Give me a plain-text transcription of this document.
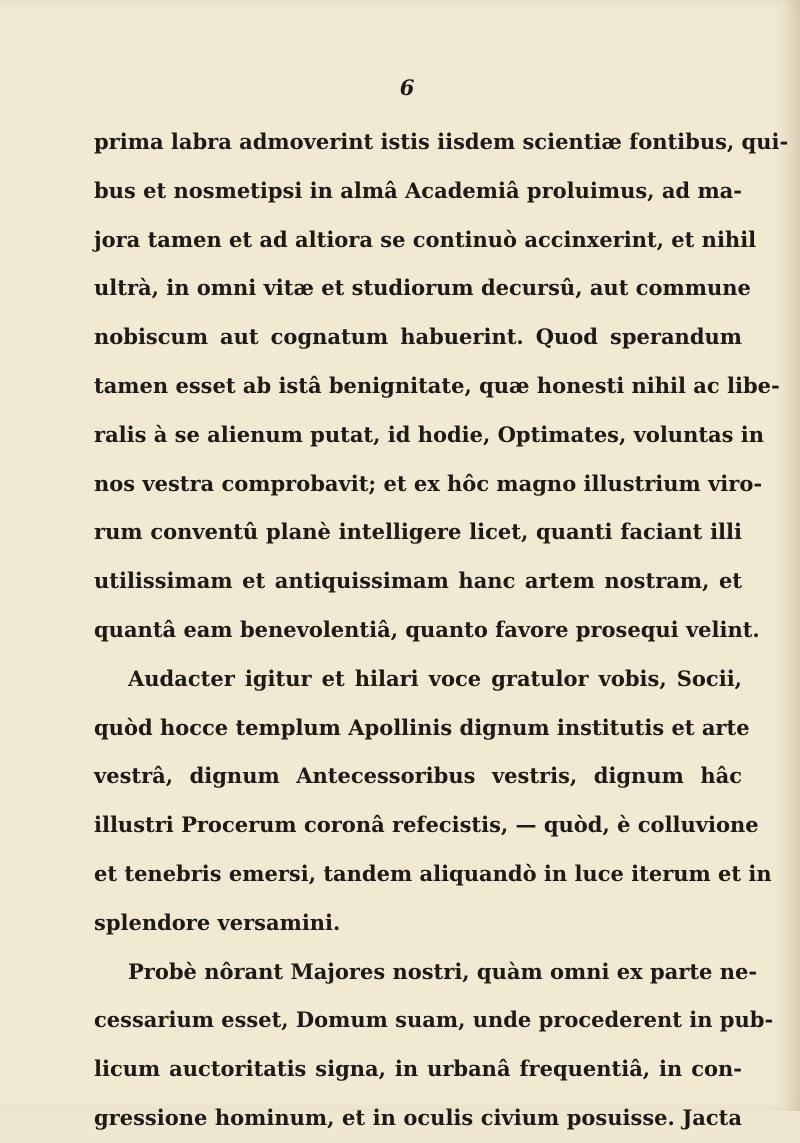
6
prima labra admoverint istis iisdem scientiæ fontibus, qui-
bus et nosmetipsi in almâ Academiâ proluimus, ad ma-
jora tamen et ad altiora se continuò accinxerint, et nihil
ultrà, in omni vitæ et studiorum decursû, aut commune
nobiscum aut cognatum habuerint. Quod sperandum
tamen esset ab istâ benignitate, quæ honesti nihil ac libe-
ralis à se alienum putat, id hodie, Optimates, voluntas in
nos vestra comprobavit; et ex hôc magno illustrium viro-
rum conventû planè intelligere licet, quanti faciant illi
utilissimam et antiquissimam hanc artem nostram, et
quantâ eam benevolentiâ, quanto favore prosequi velint.
Audacter igitur et hilari voce gratulor vobis, Socii,
quòd hocce templum Apollinis dignum institutis et arte
vestrâ, dignum Antecessoribus vestris, dignum hâc
illustri Procerum coronâ refecistis, — quòd, è colluvione
et tenebris emersi, tandem aliquandò in luce iterum et in
splendore versamini.
Probè nôrant Majores nostri, quàm omni ex parte ne-
cessarium esset, Domum suam, unde procederent in pub-
licum auctoritatis signa, in urbanâ frequentiâ, in con-
gressione hominum, et in oculis civium posuisse. Jacta
